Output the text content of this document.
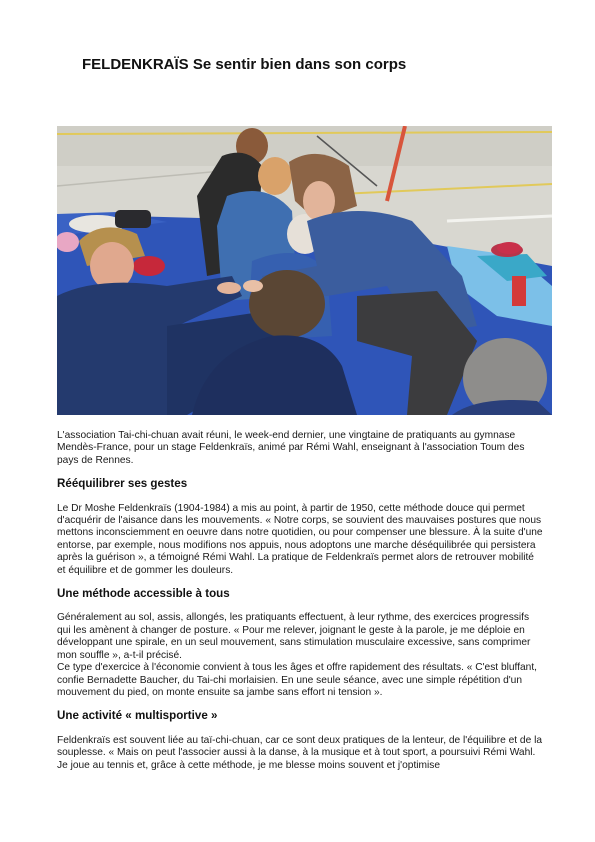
FELDENKRAÏS Se sentir bien dans son corps

L'association Tai-chi-chuan avait réuni, le week-end dernier, une vingtaine de pratiquants au gymnase Mendès-France, pour un stage Feldenkraïs, animé par Rémi Wahl, enseignant à l'association Toum des pays de Rennes.

Rééquilibrer ses gestes

Le Dr Moshe Feldenkraïs (1904-1984) a mis au point, à partir de 1950, cette méthode douce qui permet d'acquérir de l'aisance dans les mouvements. « Notre corps, se souvient des mauvaises postures que nous mettons inconsciemment en oeuvre dans notre quotidien, ou pour compenser une blessure. À la suite d'une entorse, par exemple, nous modifions nos appuis, nous adoptons une marche déséquilibrée qui persistera après la guérison », a témoigné Rémi Wahl. La pratique de Feldenkraïs permet alors de retrouver mobilité et équilibre et de gommer les douleurs.

Une méthode accessible à tous

Généralement au sol, assis, allongés, les pratiquants effectuent, à leur rythme, des exercices progressifs qui les amènent à changer de posture. « Pour me relever, joignant le geste à la parole, je me déploie en développant une spirale, en un seul mouvement, sans stimulation musculaire excessive, sans comprimer mon souffle », a-t-il précisé.

Ce type d'exercice à l'économie convient à tous les âges et offre rapidement des résultats. « C'est bluffant, confie Bernadette Baucher, du Tai-chi morlaisien. En une seule séance, avec une simple répétition d'un mouvement du pied, on monte ensuite sa jambe sans effort ni tension ».

Une activité « multisportive »

Feldenkraïs est souvent liée au taï-chi-chuan, car ce sont deux pratiques de la lenteur, de l'équilibre et de la souplesse. « Mais on peut l'associer aussi à la danse, à la musique et à tout sport, a poursuivi Rémi Wahl. Je joue au tennis et, grâce à cette méthode, je me blesse moins souvent et j'optimise
